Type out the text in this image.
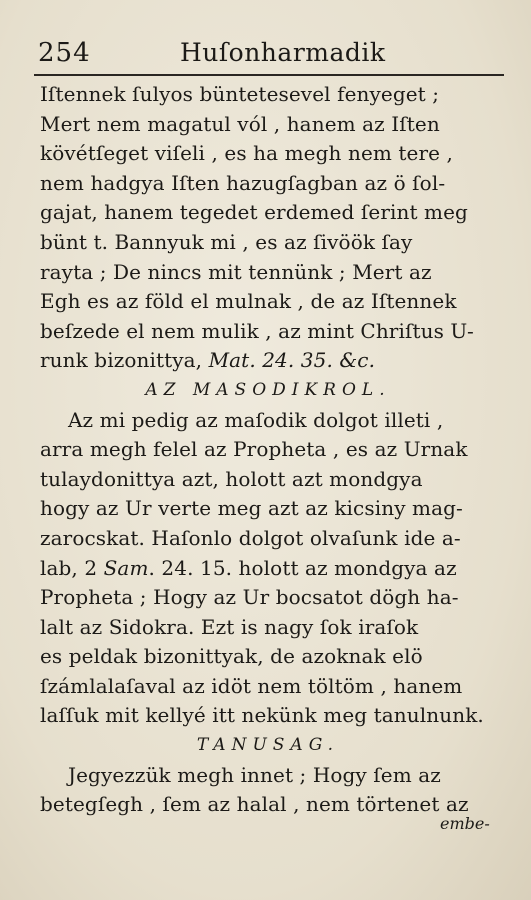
254	Huſonharmadik
Iſtennek ſulyos büntetesevel fenyeget ;
Mert nem magatul vól , hanem az Iſten
kövétſeget viſeli , es ha megh nem tere ,
nem hadgya Iſten hazugſagban az ö ſol-
gajat, hanem tegedet erdemed ſerint meg
bünt t. Bannyuk mi , es az ſivöök ſay
rayta ; De nincs mit tennünk ; Mert az
Egh es az föld el mulnak , de az Iſtennek
beſzede el nem mulik , az mint Chriſtus U-
runk bizonittya, Mat. 24. 35. &c.
AZ MASODIKROL.
Az mi pedig az maſodik dolgot illeti ,
arra megh felel az Propheta , es az Urnak
tulaydonittya azt, holott azt mondgya
hogy az Ur verte meg azt az kicsiny mag-
zarocskat. Haſonlo dolgot olvaſunk ide a-
lab, 2 Sam. 24. 15. holott az mondgya az
Propheta ; Hogy az Ur bocsatot dögh ha-
lalt az Sidokra. Ezt is nagy ſok iraſok
es peldak bizonittyak, de azoknak elö
ſzámlalaſaval az idöt nem töltöm , hanem
laſſuk mit kellyé itt nekünk meg tanulnunk.
TANUSAG.
Jegyezzük megh innet ; Hogy ſem az
betegſegh , ſem az halal , nem törtenet az
embe-
